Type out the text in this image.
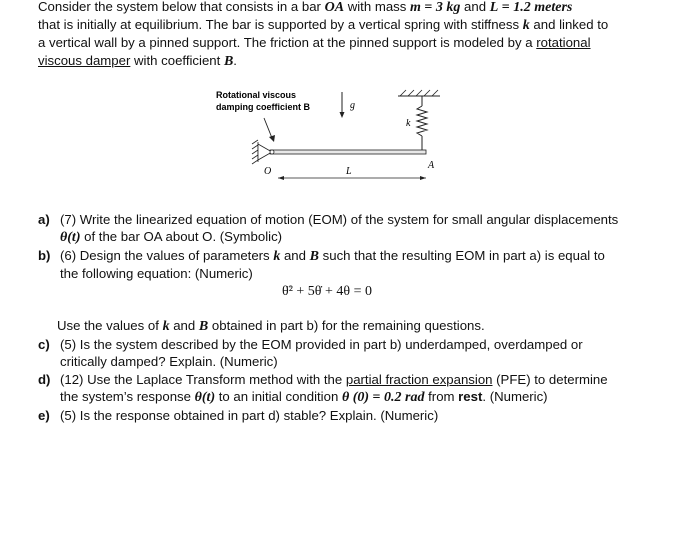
Consider the system below that consists in a bar OA with mass m = 3 kg and L = 1.2 meters
that is initially at equilibrium. The bar is supported by a vertical spring with stiffness k and linked to
a vertical wall by a pinned support. The friction at the pinned support is modeled by a rotational
viscous damper with coefficient B.
Rotational viscous
damping coefficient B	g
k
O
A
L
a) (7) Write the linearized equation of motion (EOM) of the system for small angular displacements
θ(t) of the bar OA about O. (Symbolic)
b) (6) Design the values of parameters k and B such that the resulting EOM in part a) is equal to
the following equation: (Numeric)
θ̈² + 5θ̇ + 4θ = 0
Use the values of k and B obtained in part b) for the remaining questions.
c) (5) Is the system described by the EOM provided in part b) underdamped, overdamped or
critically damped? Explain. (Numeric)
d) (12) Use the Laplace Transform method with the partial fraction expansion (PFE) to determine
the system’s response θ(t) to an initial condition θ (0) = 0.2 rad from rest. (Numeric)
e) (5) Is the response obtained in part d) stable? Explain. (Numeric)
